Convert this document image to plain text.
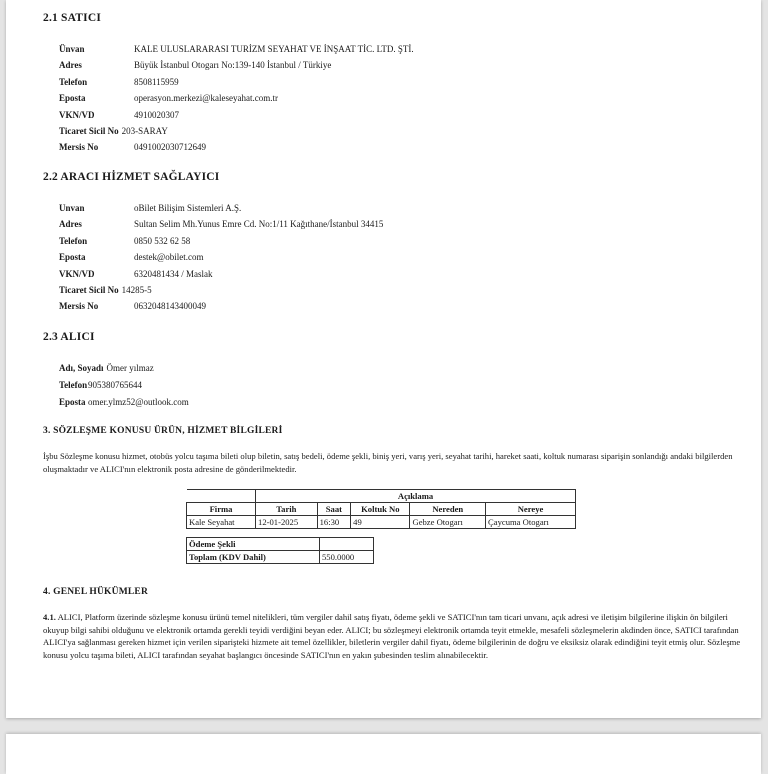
2.1 SATICI
Ünvan	KALE ULUSLARARASI TURİZM SEYAHAT VE İNŞAAT TİC. LTD. ŞTİ.
Adres	Büyük İstanbul Otogarı No:139-140 İstanbul / Türkiye
Telefon	8508115959
Eposta	operasyon.merkezi@kaleseyahat.com.tr
VKN/VD	4910020307
Ticaret Sicil No 203-SARAY
Mersis No	0491002030712649
2.2 ARACI HİZMET SAĞLAYICI
Unvan	oBilet Bilişim Sistemleri A.Ş.
Adres	Sultan Selim Mh.Yunus Emre Cd. No:1/11 Kağıthane/İstanbul 34415
Telefon	0850 532 62 58
Eposta	destek@obilet.com
VKN/VD	6320481434 / Maslak
Ticaret Sicil No 14285-5
Mersis No	0632048143400049
2.3 ALICI
Adı, Soyadı Ömer yılmaz
Telefon 905380765644
Eposta omer.ylmz52@outlook.com
3. SÖZLEŞME KONUSU ÜRÜN, HİZMET BİLGİLERİ

İşbu Sözleşme konusu hizmet, otobüs yolcu taşıma bileti olup biletin, satış bedeli, ödeme şekli, biniş yeri, varış yeri, seyahat tarihi, hareket saati, koltuk numarası siparişin sonlandığı andaki bilgilerden oluşmaktadır ve ALICI'nın elektronik posta adresine de gönderilmektedir.

	Açıklama				
Firma	Tarih	Saat	Koltuk No	Nereden	Nereye
Kale Seyahat	12-01-2025	16:30	49	Gebze Otogarı	Çaycuma Otogarı
Ödeme Şekli	
Toplam (KDV Dahil)	550.0000
4. GENEL HÜKÜMLER

4.1. ALICI, Platform üzerinde sözleşme konusu ürünü temel nitelikleri, tüm vergiler dahil satış fiyatı, ödeme şekli ve SATICI'nın tam ticari unvanı, açık adresi ve iletişim bilgilerine ilişkin ön bilgileri okuyup bilgi sahibi olduğunu ve elektronik ortamda gerekli teyidi verdiğini beyan eder. ALICI; bu sözleşmeyi elektronik ortamda teyit etmekle, mesafeli sözleşmelerin akdinden önce, SATICI tarafından ALICI'ya sağlanması gereken hizmet için verilen siparişteki hizmete ait temel özellikler, biletlerin vergiler dahil fiyatı, ödeme bilgilerinin de doğru ve eksiksiz olarak edindiğini teyit etmiş olur. Sözleşme konusu yolcu taşıma bileti, ALICI tarafından seyahat başlangıcı öncesinde SATICI'nın en yakın şubesinden teslim alınabilecektir.
